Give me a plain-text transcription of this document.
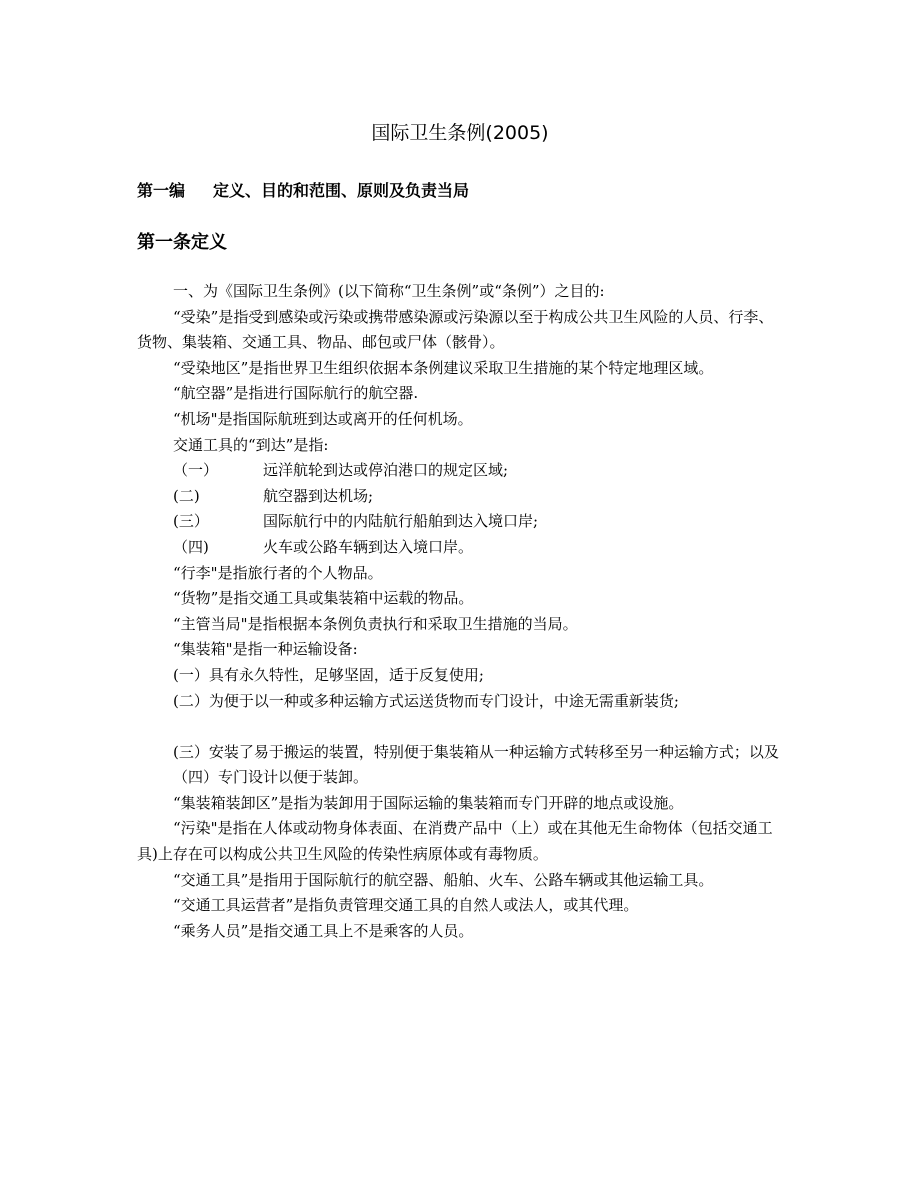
国际卫生条例(2005)
第一编 定义、目的和范围、原则及负责当局
第一条定义

一、为《国际卫生条例》(以下简称“卫生条例”或“条例”）之目的:

“受染”是指受到感染或污染或携带感染源或污染源以至于构成公共卫生风险的人员、行李、货物、集装箱、交通工具、物品、邮包或尸体（骸骨）。

“受染地区”是指世界卫生组织依据本条例建议采取卫生措施的某个特定地理区域。

“航空器”是指进行国际航行的航空器.

“机场"是指国际航班到达或离开的任何机场。

交通工具的“到达”是指:

（一）	远洋航轮到达或停泊港口的规定区域;

(二)	航空器到达机场;

(三）	国际航行中的内陆航行船舶到达入境口岸;

（四)	火车或公路车辆到达入境口岸。

“行李"是指旅行者的个人物品。

“货物”是指交通工具或集装箱中运载的物品。

“主管当局"是指根据本条例负责执行和采取卫生措施的当局。

“集装箱"是指一种运输设备:

(一）具有永久特性，足够坚固，适于反复使用;

(二）为便于以一种或多种运输方式运送货物而专门设计，中途无需重新装货;

(三）安装了易于搬运的装置，特别便于集装箱从一种运输方式转移至另一种运输方式；以及

（四）专门设计以便于装卸。

“集装箱装卸区”是指为装卸用于国际运输的集装箱而专门开辟的地点或设施。

“污染"是指在人体或动物身体表面、在消费产品中（上）或在其他无生命物体（包括交通工具)上存在可以构成公共卫生风险的传染性病原体或有毒物质。

“交通工具”是指用于国际航行的航空器、船舶、火车、公路车辆或其他运输工具。

“交通工具运营者”是指负责管理交通工具的自然人或法人，或其代理。

“乘务人员”是指交通工具上不是乘客的人员。
